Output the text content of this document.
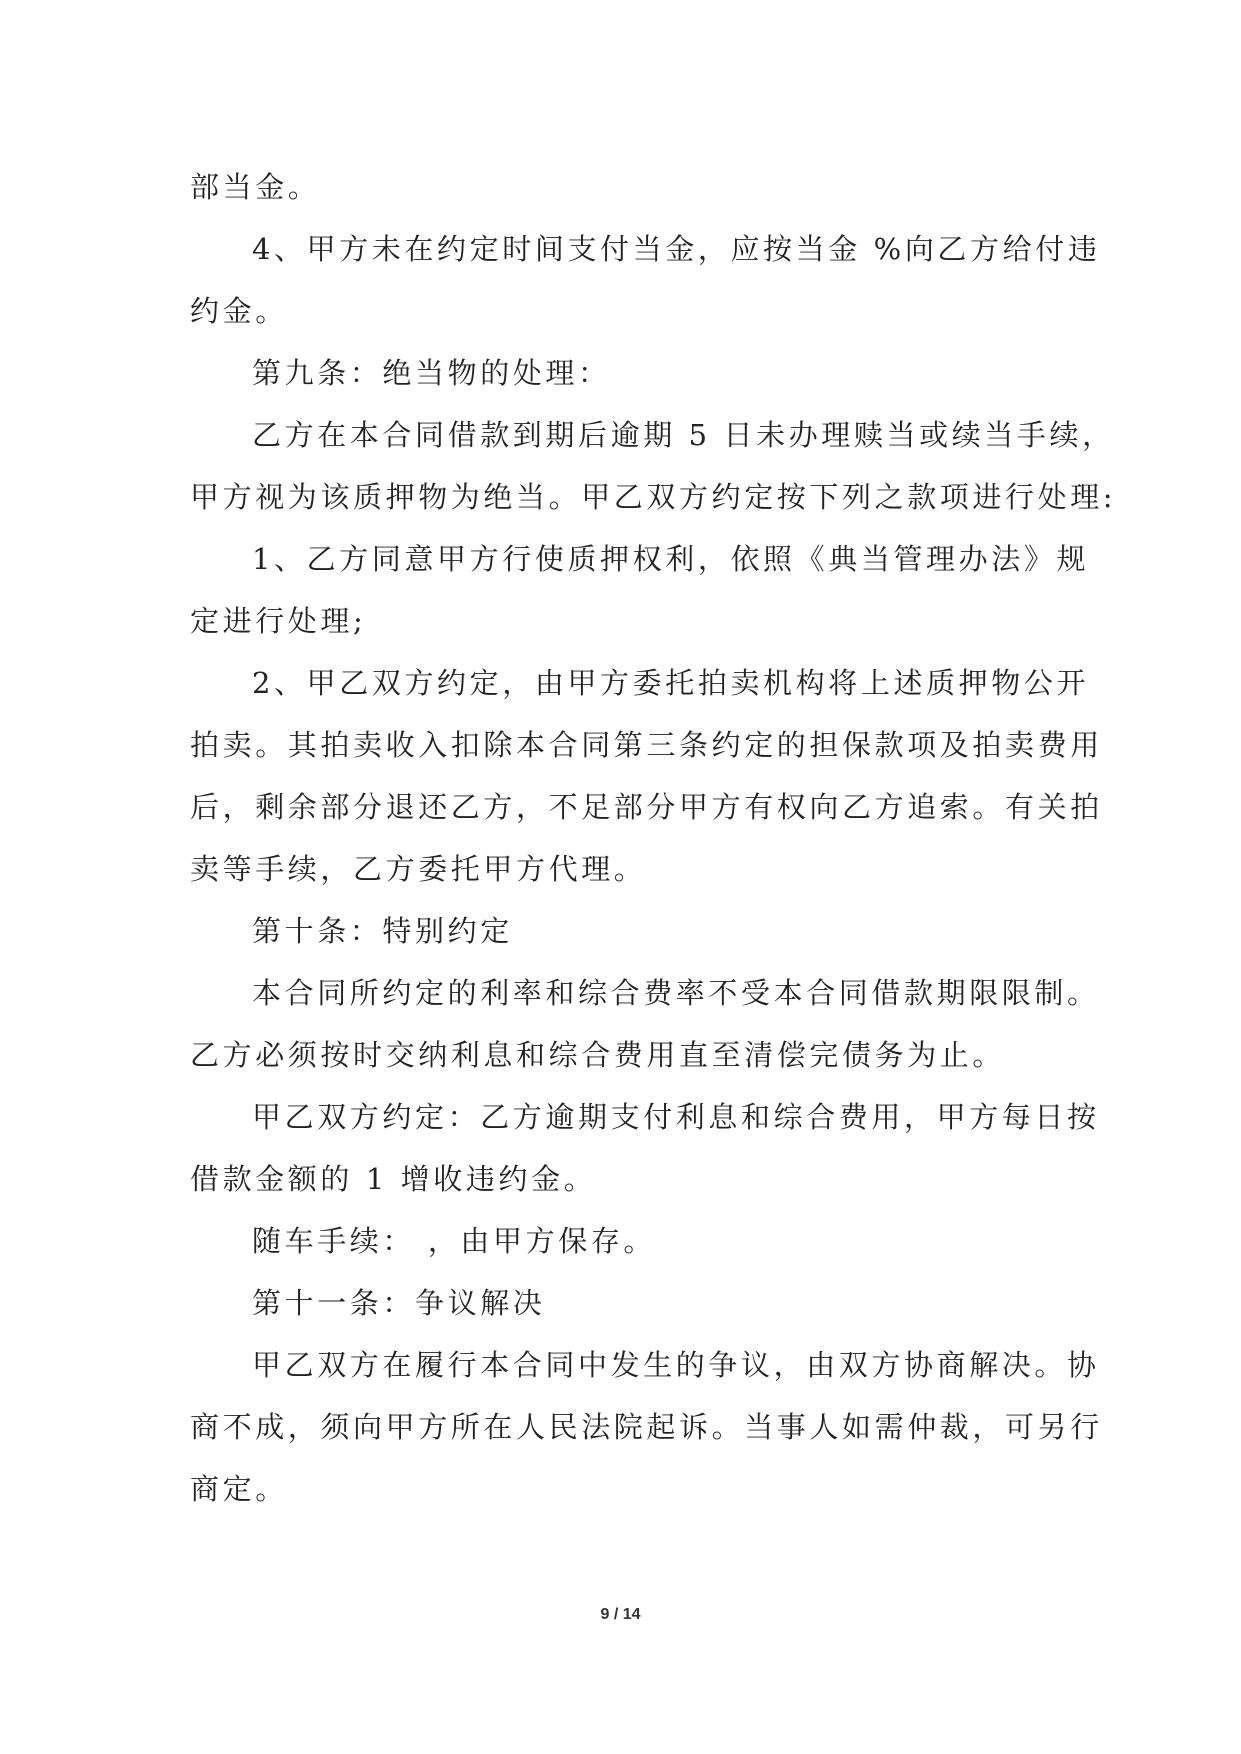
部当金。
4、甲方未在约定时间支付当金，应按当金 %向乙方给付违
约金。
第九条：绝当物的处理：
乙方在本合同借款到期后逾期 5 日未办理赎当或续当手续，
甲方视为该质押物为绝当。甲乙双方约定按下列之款项进行处理:
1、乙方同意甲方行使质押权利，依照《典当管理办法》规
定进行处理;
2、甲乙双方约定，由甲方委托拍卖机构将上述质押物公开
拍卖。其拍卖收入扣除本合同第三条约定的担保款项及拍卖费用
后，剩余部分退还乙方，不足部分甲方有权向乙方追索。有关拍
卖等手续，乙方委托甲方代理。
第十条：特别约定
本合同所约定的利率和综合费率不受本合同借款期限限制。
乙方必须按时交纳利息和综合费用直至清偿完债务为止。
甲乙双方约定：乙方逾期支付利息和综合费用，甲方每日按
借款金额的 1 增收违约金。
随车手续： ，由甲方保存。
第十一条：争议解决
甲乙双方在履行本合同中发生的争议，由双方协商解决。协
商不成，须向甲方所在人民法院起诉。当事人如需仲裁，可另行
商定。
9 / 14
